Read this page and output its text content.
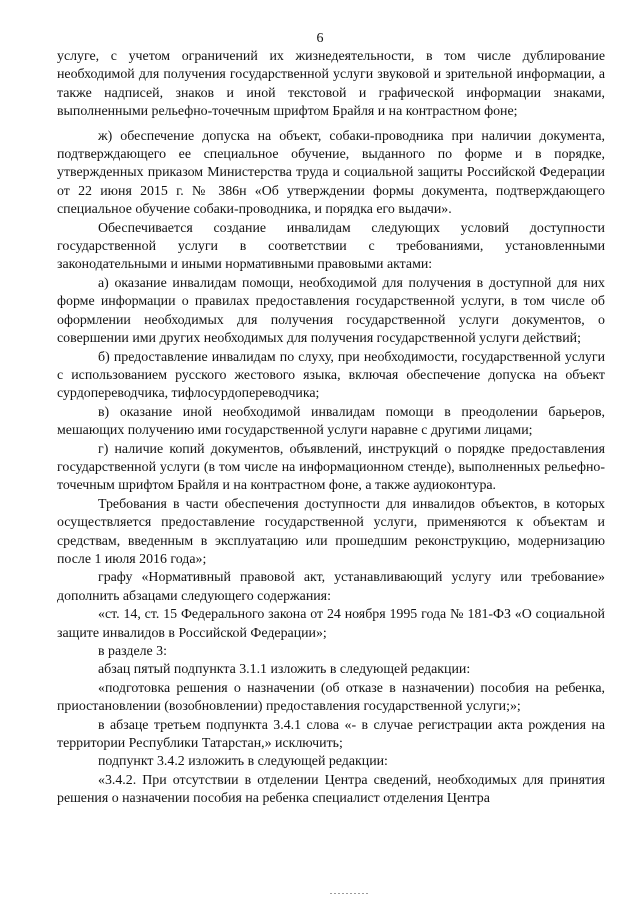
6

услуге, с учетом ограничений их жизнедеятельности, в том числе дублирование необходимой для получения государственной услуги звуковой и зрительной информации, а также надписей, знаков и иной текстовой и графической информации знаками, выполненными рельефно-точечным шрифтом Брайля и на контрастном фоне;

ж) обеспечение допуска на объект, собаки-проводника при наличии документа, подтверждающего ее специальное обучение, выданного по форме и в порядке, утвержденных приказом Министерства труда и социальной защиты Российской Федерации от 22 июня 2015 г. № 386н «Об утверждении формы документа, подтверждающего специальное обучение собаки-проводника, и порядка его выдачи».

Обеспечивается создание инвалидам следующих условий доступности государственной услуги в соответствии с требованиями, установленными законодательными и иными нормативными правовыми актами:

а) оказание инвалидам помощи, необходимой для получения в доступной для них форме информации о правилах предоставления государственной услуги, в том числе об оформлении необходимых для получения государственной услуги документов, о совершении ими других необходимых для получения государственной услуги действий;

б) предоставление инвалидам по слуху, при необходимости, государственной услуги с использованием русского жестового языка, включая обеспечение допуска на объект сурдопереводчика, тифлосурдопереводчика;

в) оказание иной необходимой инвалидам помощи в преодолении барьеров, мешающих получению ими государственной услуги наравне с другими лицами;

г) наличие копий документов, объявлений, инструкций о порядке предоставления государственной услуги (в том числе на информационном стенде), выполненных рельефно-точечным шрифтом Брайля и на контрастном фоне, а также аудиоконтура.

Требования в части обеспечения доступности для инвалидов объектов, в которых осуществляется предоставление государственной услуги, применяются к объектам и средствам, введенным в эксплуатацию или прошедшим реконструкцию, модернизацию после 1 июля 2016 года»;

графу «Нормативный правовой акт, устанавливающий услугу или требование» дополнить абзацами следующего содержания:

«ст. 14, ст. 15 Федерального закона от 24 ноября 1995 года № 181-ФЗ «О социальной защите инвалидов в Российской Федерации»;

в разделе 3:

абзац пятый подпункта 3.1.1 изложить в следующей редакции:

«подготовка решения о назначении (об отказе в назначении) пособия на ребенка, приостановлении (возобновлении) предоставления государственной услуги;»;

в абзаце третьем подпункта 3.4.1 слова «- в случае регистрации акта рождения на территории Республики Татарстан,» исключить;

подпункт 3.4.2 изложить в следующей редакции:

«3.4.2. При отсутствии в отделении Центра сведений, необходимых для принятия решения о назначении пособия на ребенка специалист отделения Центра
